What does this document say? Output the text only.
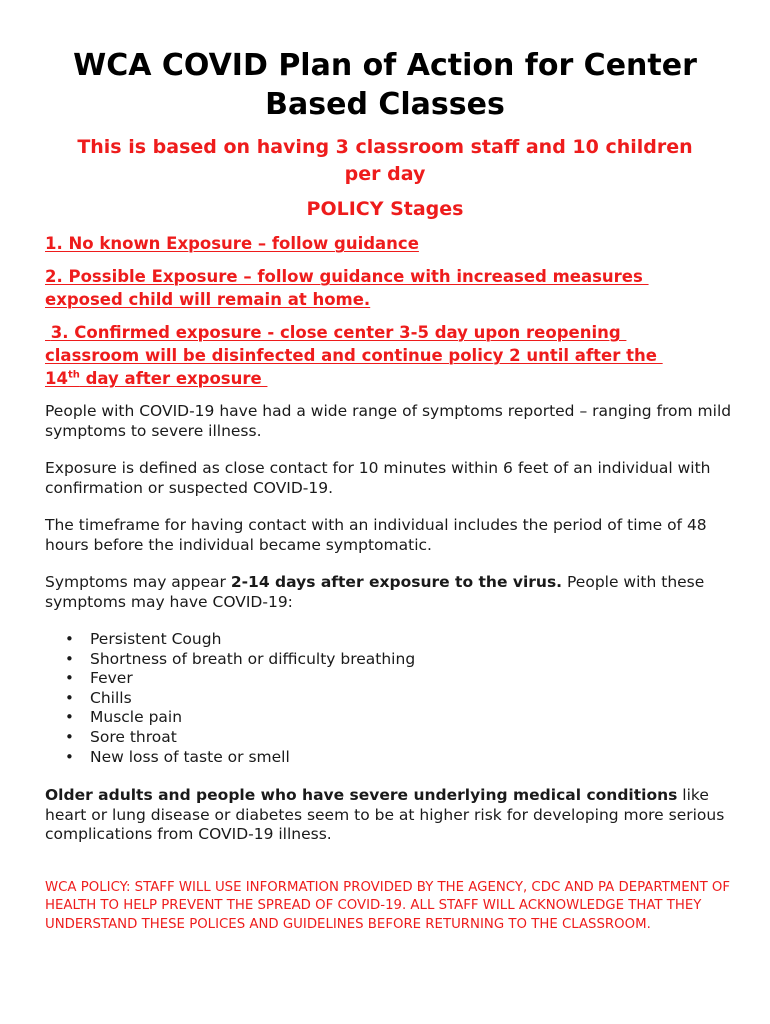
WCA COVID Plan of Action for Center
Based Classes
This is based on having 3 classroom staff and 10 children
per day
POLICY Stages
1. No known Exposure – follow guidance
2. Possible Exposure – follow guidance with increased measures
exposed child will remain at home.
3. Confirmed exposure - close center 3-5 day upon reopening
classroom will be disinfected and continue policy 2 until after the
14th day after exposure
People with COVID-19 have had a wide range of symptoms reported – ranging from mild symptoms to severe illness.
Exposure is defined as close contact for 10 minutes within 6 feet of an individual with confirmation or suspected COVID-19.
The timeframe for having contact with an individual includes the period of time of 48 hours before the individual became symptomatic.
Symptoms may appear 2-14 days after exposure to the virus. People with these symptoms may have COVID-19:
• Persistent Cough
• Shortness of breath or difficulty breathing
• Fever
• Chills
• Muscle pain
• Sore throat
• New loss of taste or smell
Older adults and people who have severe underlying medical conditions like heart or lung disease or diabetes seem to be at higher risk for developing more serious complications from COVID-19 illness.
WCA POLICY: STAFF WILL USE INFORMATION PROVIDED BY THE AGENCY, CDC AND PA DEPARTMENT OF HEALTH TO HELP PREVENT THE SPREAD OF COVID-19. ALL STAFF WILL ACKNOWLEDGE THAT THEY UNDERSTAND THESE POLICES AND GUIDELINES BEFORE RETURNING TO THE CLASSROOM.
